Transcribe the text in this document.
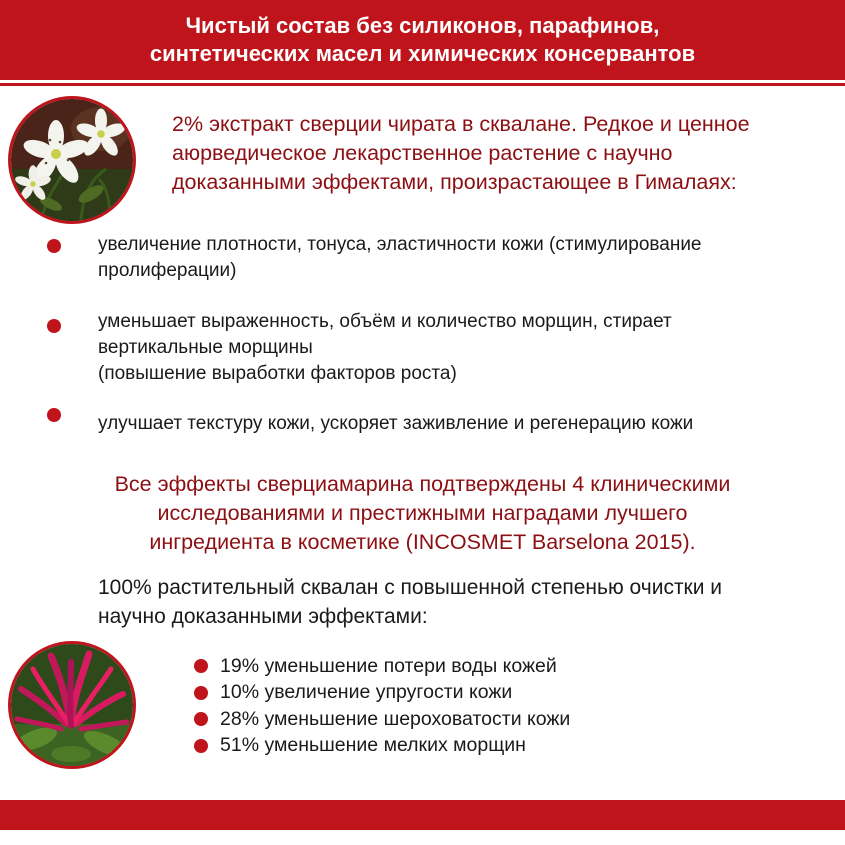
Чистый состав без силиконов, парафинов,
синтетических масел и химических консервантов
2% экстракт сверции чирата в сквалане. Редкое и ценное
аюрведическое лекарственное растение с научно
доказанными эффектами, произрастающее в Гималаях:
увеличение плотности, тонуса, эластичности кожи (стимулирование
пролиферации)
уменьшает выраженность, объём и количество морщин, стирает
вертикальные морщины
(повышение выработки факторов роста)
улучшает текстуру кожи, ускоряет заживление и регенерацию кожи
Все эффекты сверциамарина подтверждены 4 клиническими
исследованиями и престижными наградами лучшего
ингредиента в косметике (INCOSMET Barselona 2015).
100% растительный сквалан с повышенной степенью очистки и
научно доказанными эффектами:
19% уменьшение потери воды кожей
10% увеличение упругости кожи
28% уменьшение шероховатости кожи
51% уменьшение мелких морщин
